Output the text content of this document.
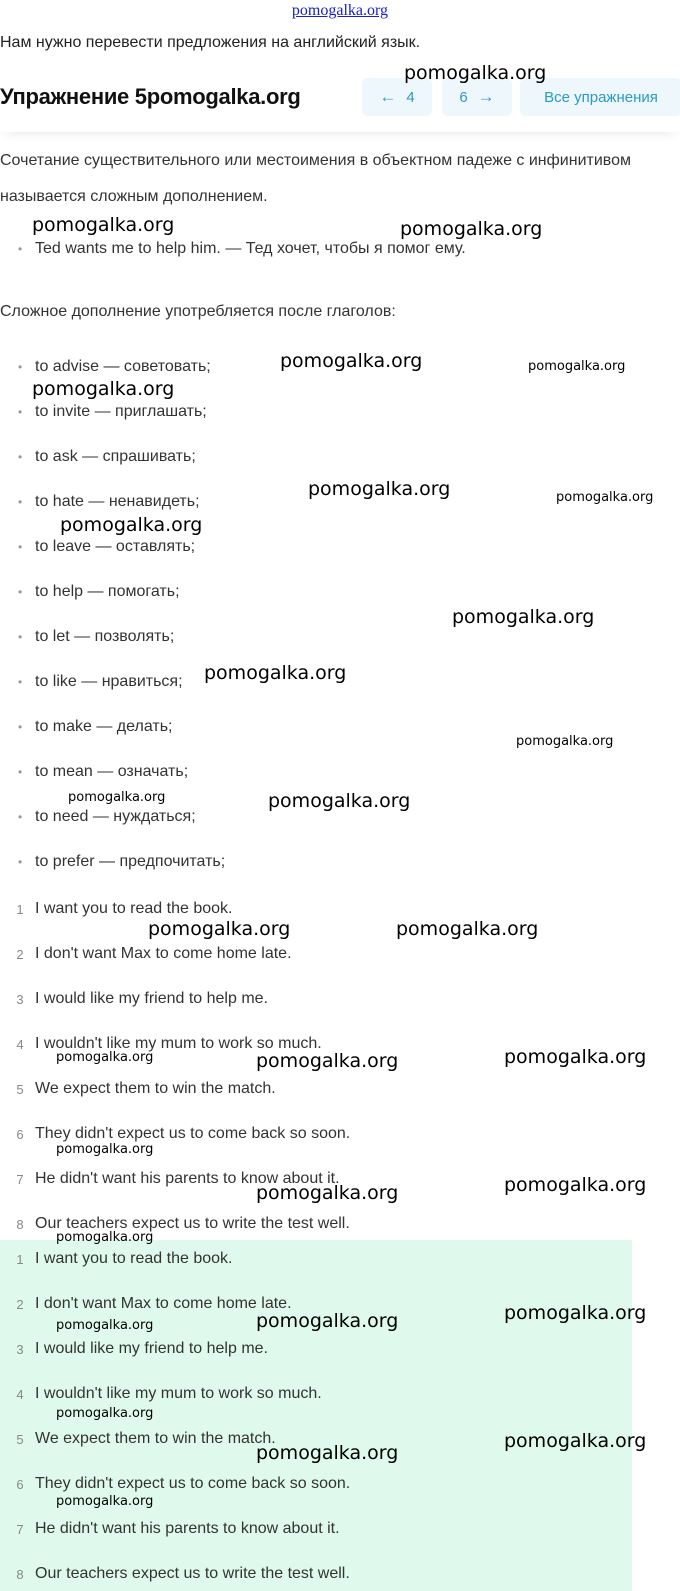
pomogalka.org
Нам нужно перевести предложения на английский язык.
Упражнение 5pomogalka.org	← 4	6 →	Все упражнения

Сочетание существительного или местоимения в объектном падеже с инфинитивом называется сложным дополнением.

• Ted wants me to help him. — Тед хочет, чтобы я помог ему.

Сложное дополнение употребляется после глаголов:

• to advise — советовать;
• to invite — приглашать;
• to ask — спрашивать;
• to hate — ненавидеть;
• to leave — оставлять;
• to help — помогать;
• to let — позволять;
• to like — нравиться;
• to make — делать;
• to mean — означать;
• to need — нуждаться;
• to prefer — предпочитать;
1 I want you to read the book.
2 I don't want Max to come home late.
3 I would like my friend to help me.
4 I wouldn't like my mum to work so much.
5 We expect them to win the match.
6 They didn't expect us to come back so soon.
7 He didn't want his parents to know about it.
8 Our teachers expect us to write the test well.
1 I want you to read the book.
2 I don't want Max to come home late.
3 I would like my friend to help me.
4 I wouldn't like my mum to work so much.
5 We expect them to win the match.
6 They didn't expect us to come back so soon.
7 He didn't want his parents to know about it.
8 Our teachers expect us to write the test well.
pomogalka.org
pomogalka.org	pomogalka.org
pomogalka.org	pomogalka.org
pomogalka.org
pomogalka.org	pomogalka.org
pomogalka.org
pomogalka.org
pomogalka.org
pomogalka.org
pomogalka.org	pomogalka.org
pomogalka.org	pomogalka.org
pomogalka.org	pomogalka.org	pomogalka.org
pomogalka.org
pomogalka.org	pomogalka.org
pomogalka.org
pomogalka.org	pomogalka.org	pomogalka.org
pomogalka.org
pomogalka.org
pomogalka.org
pomogalka.org
